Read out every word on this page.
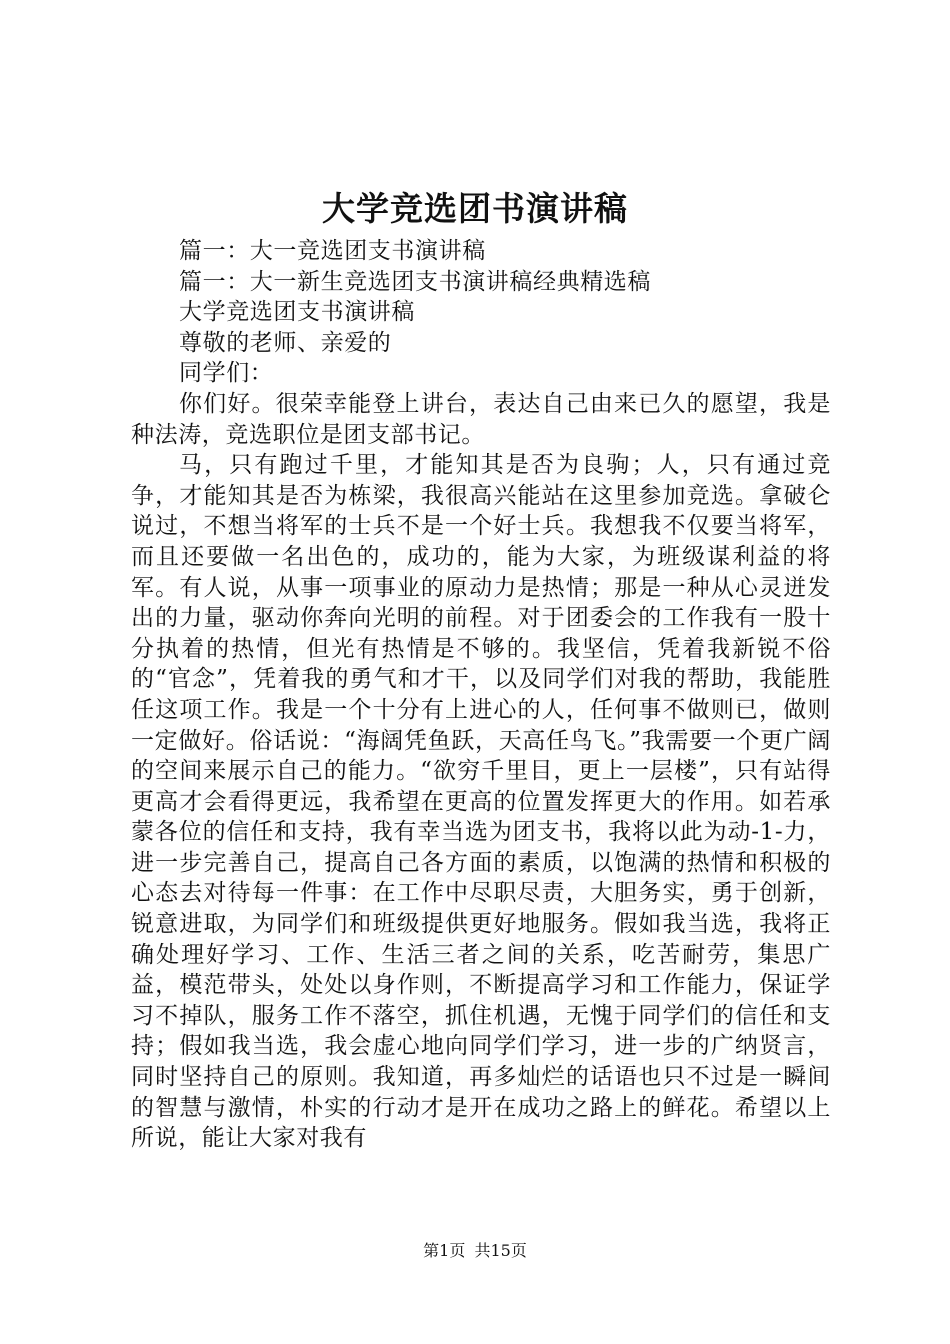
大学竞选团书演讲稿

篇一：大一竞选团支书演讲稿

篇一：大一新生竞选团支书演讲稿经典精选稿

大学竞选团支书演讲稿

尊敬的老师、亲爱的

同学们：

你们好。很荣幸能登上讲台，表达自己由来已久的愿望，我是种法涛，竞选职位是团支部书记。

马，只有跑过千里，才能知其是否为良驹；人，只有通过竞争，才能知其是否为栋梁，我很高兴能站在这里参加竞选。拿破仑说过，不想当将军的士兵不是一个好士兵。我想我不仅要当将军，而且还要做一名出色的，成功的，能为大家，为班级谋利益的将军。有人说，从事一项事业的原动力是热情；那是一种从心灵迸发出的力量，驱动你奔向光明的前程。对于团委会的工作我有一股十分执着的热情，但光有热情是不够的。我坚信，凭着我新锐不俗的“官念”，凭着我的勇气和才干，以及同学们对我的帮助，我能胜任这项工作。我是一个十分有上进心的人，任何事不做则已，做则一定做好。俗话说：“海阔凭鱼跃，天高任鸟飞。”我需要一个更广阔的空间来展示自己的能力。“欲穷千里目，更上一层楼”，只有站得更高才会看得更远，我希望在更高的位置发挥更大的作用。如若承蒙各位的信任和支持，我有幸当选为团支书，我将以此为动-1-力，进一步完善自己，提高自己各方面的素质，以饱满的热情和积极的心态去对待每一件事：在工作中尽职尽责，大胆务实，勇于创新，锐意进取，为同学们和班级提供更好地服务。假如我当选，我将正确处理好学习、工作、生活三者之间的关系，吃苦耐劳，集思广益，模范带头，处处以身作则，不断提高学习和工作能力，保证学习不掉队，服务工作不落空，抓住机遇，无愧于同学们的信任和支持；假如我当选，我会虚心地向同学们学习，进一步的广纳贤言，同时坚持自己的原则。我知道，再多灿烂的话语也只不过是一瞬间的智慧与激情，朴实的行动才是开在成功之路上的鲜花。希望以上所说，能让大家对我有

第1页 共15页
